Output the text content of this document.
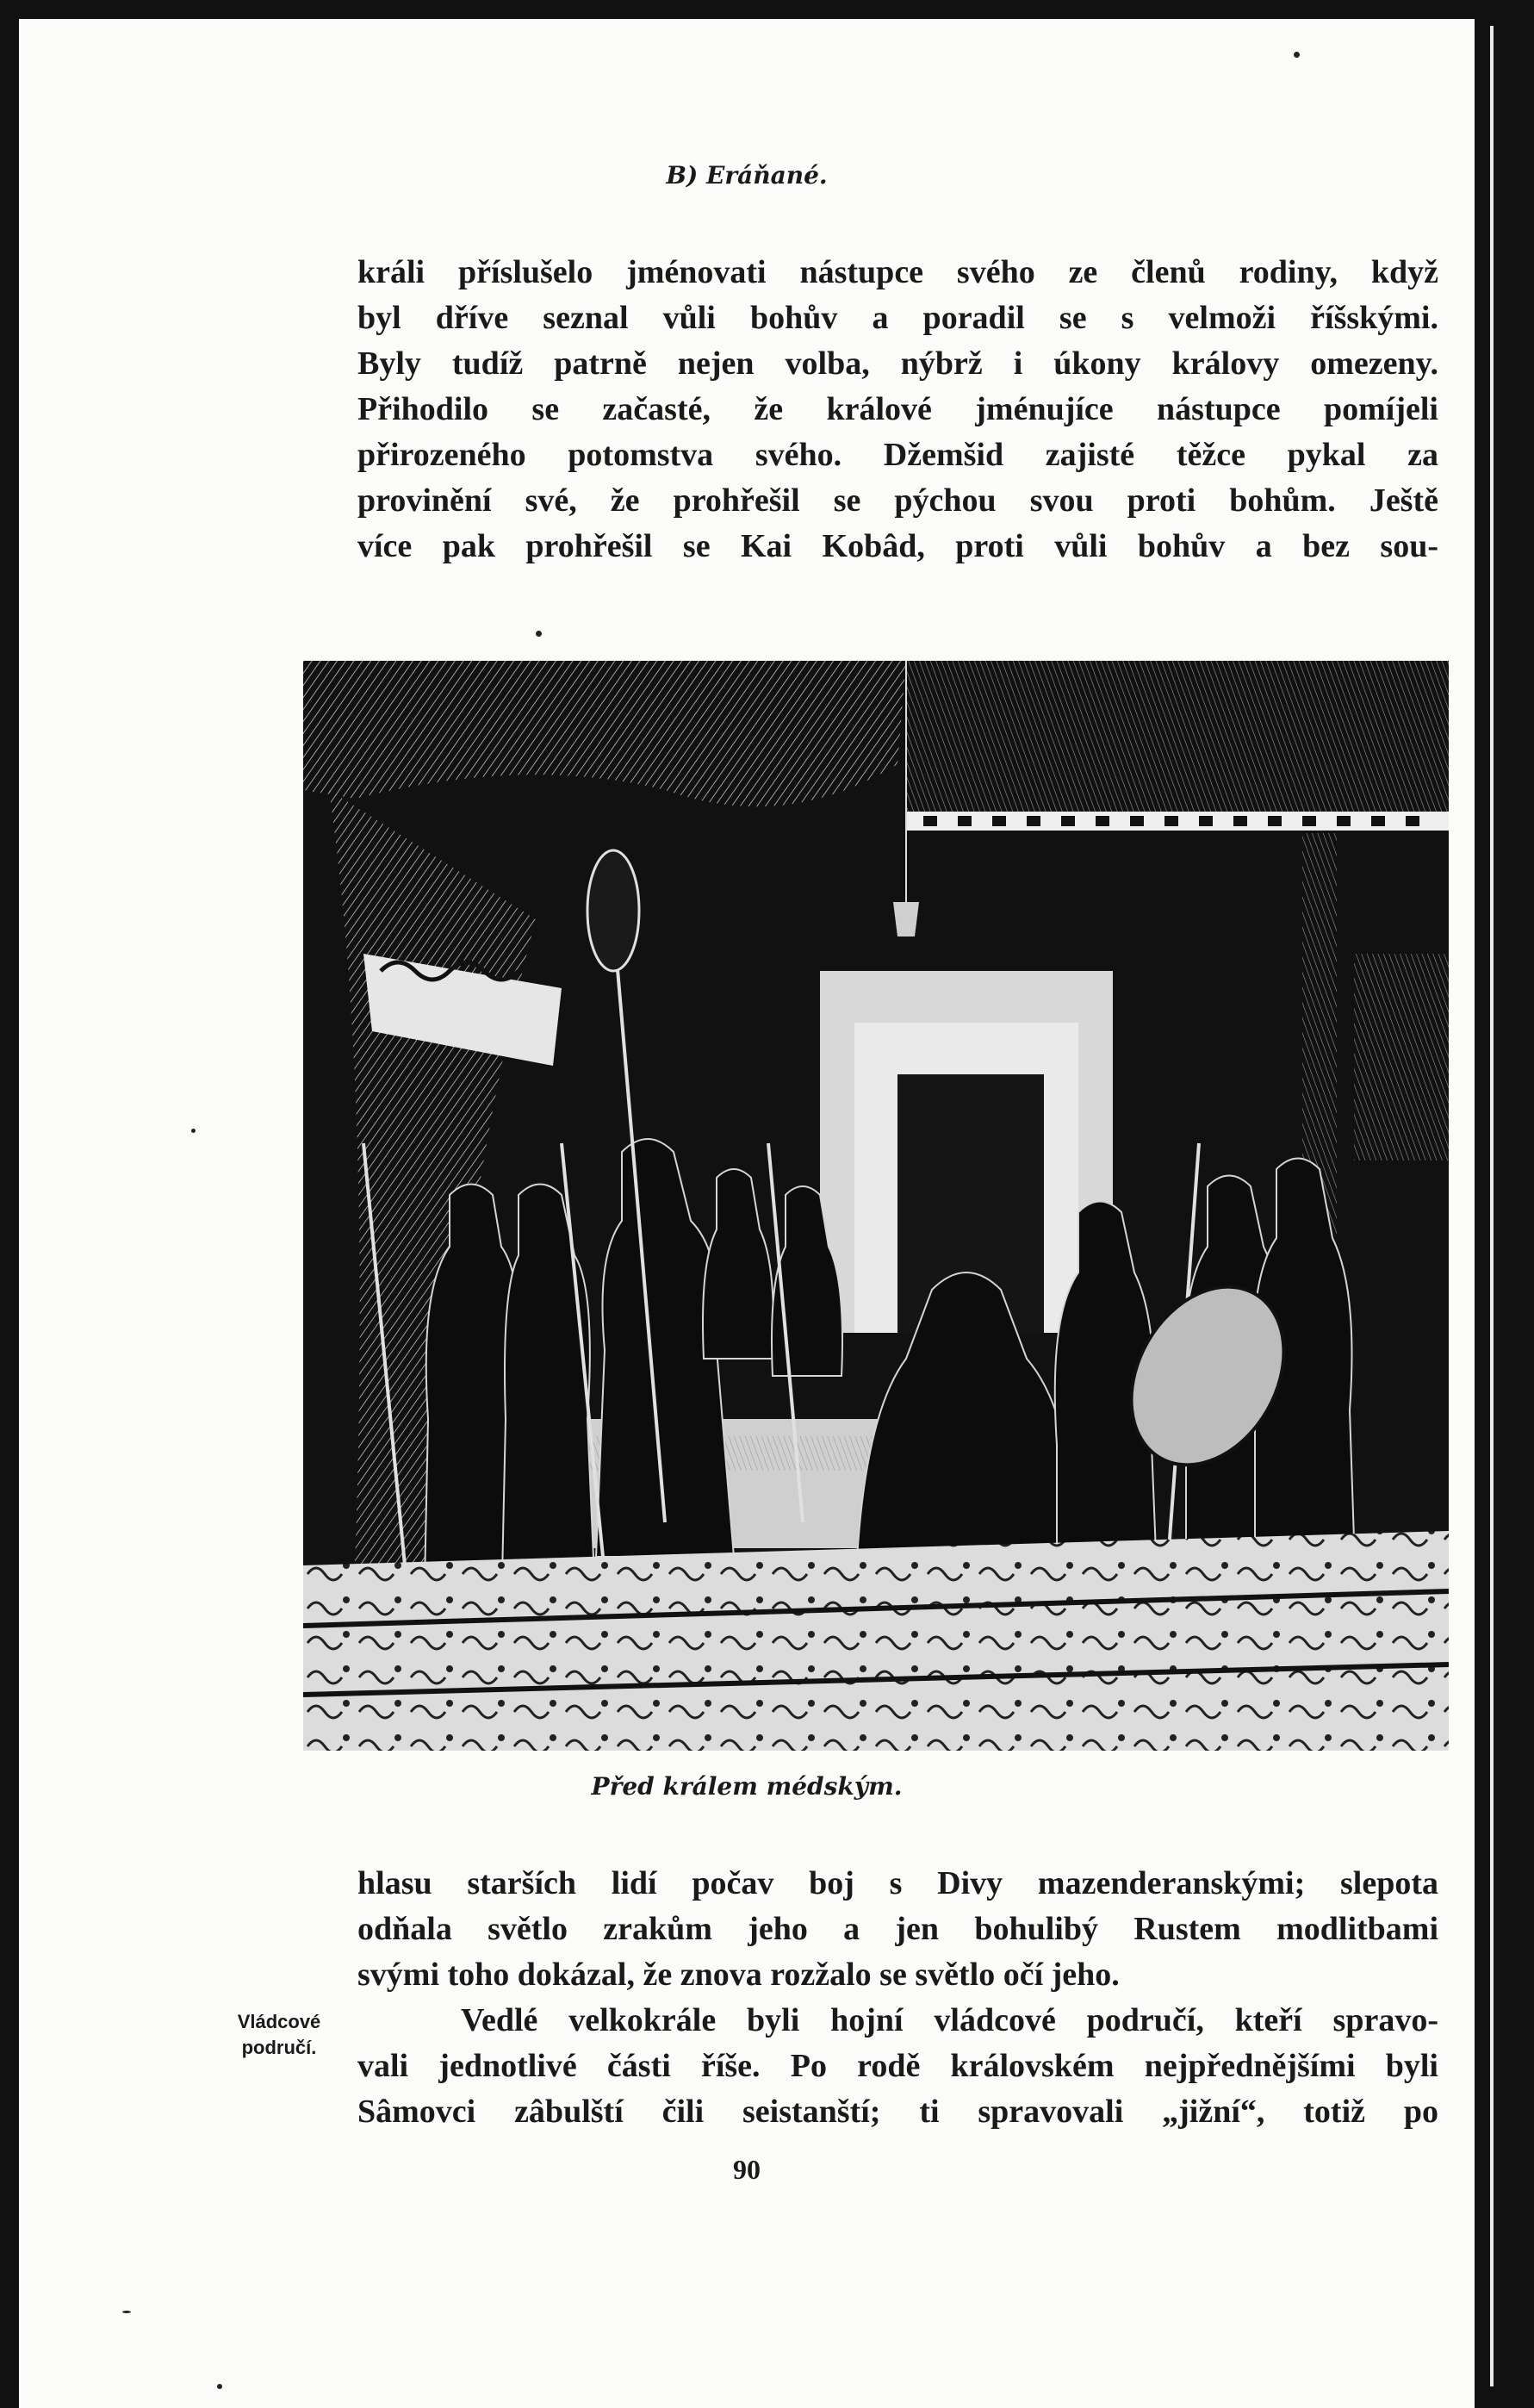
B) Eráňané.
králi příslušelo jménovati nástupce svého ze členů rodiny, když
byl dříve seznal vůli bohův a poradil se s velmoži říšskými.
Byly tudíž patrně nejen volba, nýbrž i úkony královy omezeny.
Přihodilo se začasté, že králové jménujíce nástupce pomíjeli
přirozeného potomstva svého. Džemšid zajisté těžce pykal za
provinění své, že prohřešil se pýchou svou proti bohům. Ještě
více pak prohřešil se Kai Kobâd, proti vůli bohův a bez sou-
Před králem médským.
hlasu starších lidí počav boj s Divy mazenderanskými; slepota
odňala světlo zrakům jeho a jen bohulibý Rustem modlitbami
svými toho dokázal, že znova rozžalo se světlo očí jeho.
Vedlé velkokrále byli hojní vládcové područí, kteří spravo-
vali jednotlivé části říše. Po rodě královském nejpřednějšími byli
Sâmovci zâbulští čili seistanští; ti spravovali „jižní“, totiž po
Vládcové
područí.
90
